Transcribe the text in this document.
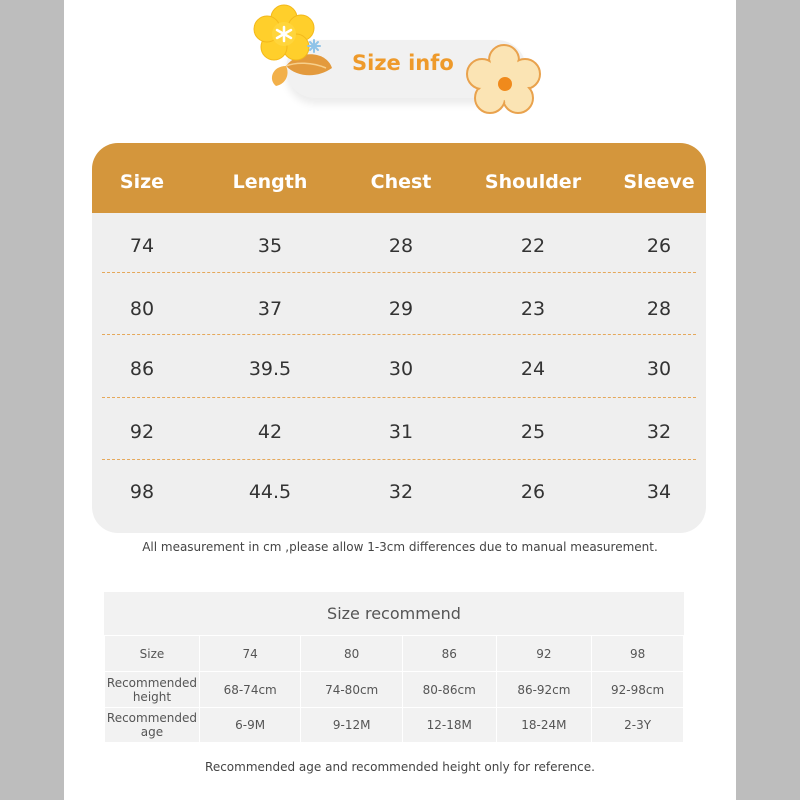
Size info
Size	Length	Chest	Shoulder	Sleeve
74	35	28	22	26
80	37	29	23	28
86	39.5	30	24	30
92	42	31	25	32
98	44.5	32	26	34
All measurement in cm ,please allow 1-3cm differences due to manual measurement.
Size recommend
Size	74	80	86	92	98
Recommended height	68-74cm	74-80cm	80-86cm	86-92cm	92-98cm
Recommended age	6-9M	9-12M	12-18M	18-24M	2-3Y
Recommended age and recommended height only for reference.
